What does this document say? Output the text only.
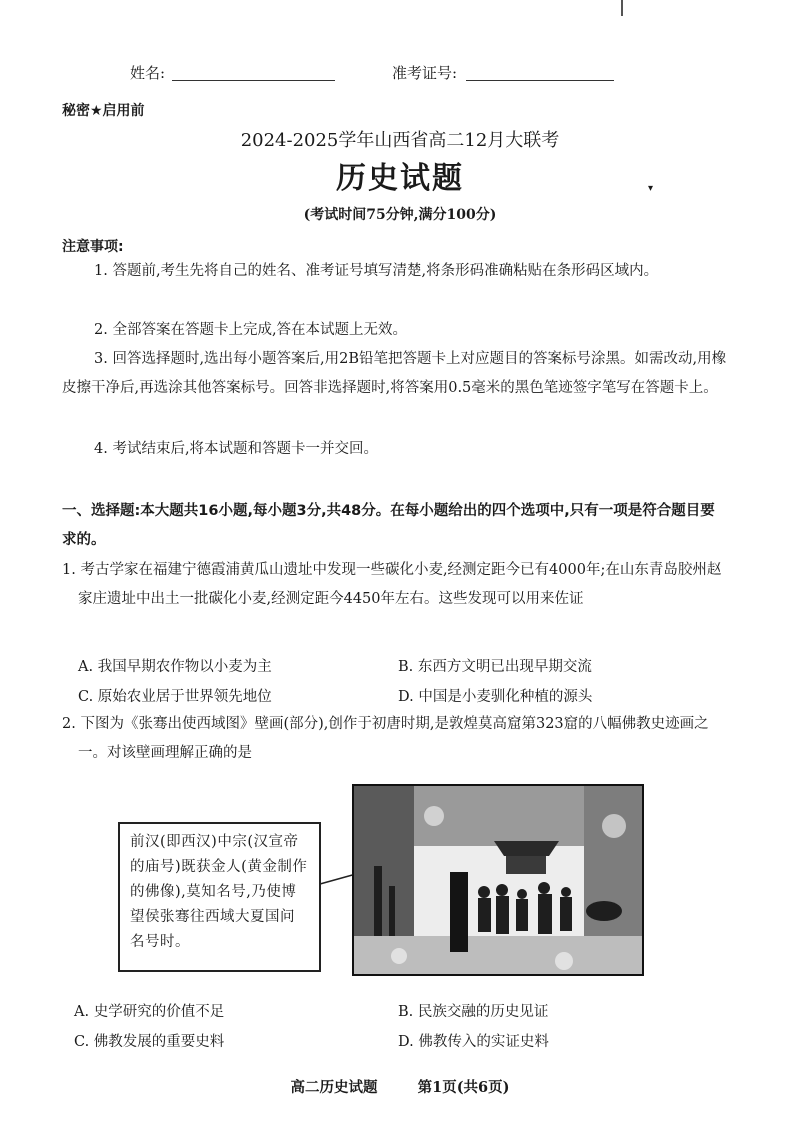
姓名:	准考证号:
秘密★启用前
2024-2025学年山西省高二12月大联考
历史试题	▾
(考试时间75分钟,满分100分)
注意事项:
1. 答题前,考生先将自己的姓名、准考证号填写清楚,将条形码准确粘贴在条形码区域内。
2. 全部答案在答题卡上完成,答在本试题上无效。
3. 回答选择题时,选出每小题答案后,用2B铅笔把答题卡上对应题目的答案标号涂黑。如需改动,用橡皮擦干净后,再选涂其他答案标号。回答非选择题时,将答案用0.5毫米的黑色笔迹签字笔写在答题卡上。
4. 考试结束后,将本试题和答题卡一并交回。
一、选择题:本大题共16小题,每小题3分,共48分。在每小题给出的四个选项中,只有一项是符合题目要求的。
1. 考古学家在福建宁德霞浦黄瓜山遗址中发现一些碳化小麦,经测定距今已有4000年;在山东青岛胶州赵家庄遗址中出土一批碳化小麦,经测定距今4450年左右。这些发现可以用来佐证
A. 我国早期农作物以小麦为主	B. 东西方文明已出现早期交流
C. 原始农业居于世界领先地位	D. 中国是小麦驯化种植的源头
2. 下图为《张骞出使西域图》壁画(部分),创作于初唐时期,是敦煌莫高窟第323窟的八幅佛教史迹画之一。对该壁画理解正确的是
前汉(即西汉)中宗(汉宣帝的庙号)既获金人(黄金制作的佛像),莫知名号,乃使博望侯张骞往西域大夏国问名号时。
A. 史学研究的价值不足	B. 民族交融的历史见证
C. 佛教发展的重要史料	D. 佛教传入的实证史料
高二历史试题	第1页(共6页)
